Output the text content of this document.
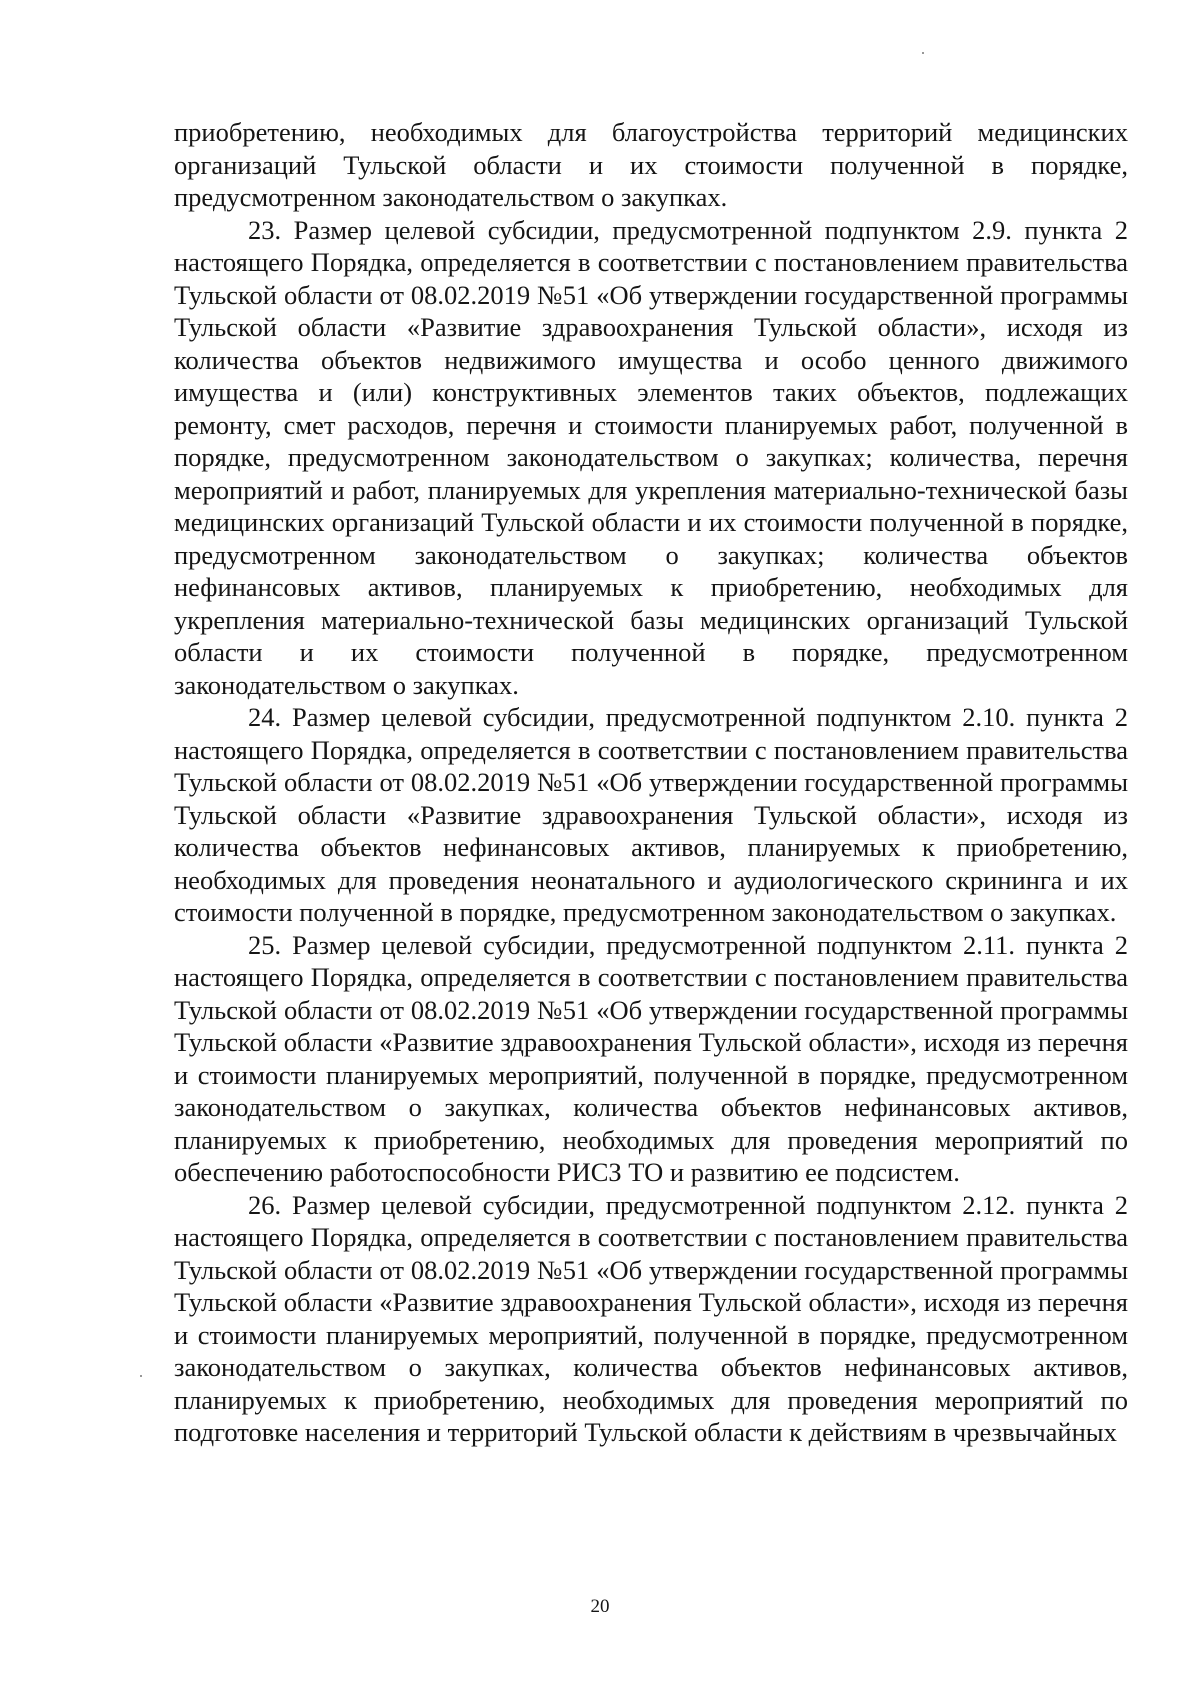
приобретению, необходимых для благоустройства территорий медицинских организаций Тульской области и их стоимости полученной в порядке, предусмотренном законодательством о закупках.

23. Размер целевой субсидии, предусмотренной подпунктом 2.9. пункта 2 настоящего Порядка, определяется в соответствии с постановлением правительства Тульской области от 08.02.2019 №51 «Об утверждении государственной программы Тульской области «Развитие здравоохранения Тульской области», исходя из количества объектов недвижимого имущества и особо ценного движимого имущества и (или) конструктивных элементов таких объектов, подлежащих ремонту, смет расходов, перечня и стоимости планируемых работ, полученной в порядке, предусмотренном законодательством о закупках; количества, перечня мероприятий и работ, планируемых для укрепления материально-технической базы медицинских организаций Тульской области и их стоимости полученной в порядке, предусмотренном законодательством о закупках; количества объектов нефинансовых активов, планируемых к приобретению, необходимых для укрепления материально-технической базы медицинских организаций Тульской области и их стоимости полученной в порядке, предусмотренном законодательством о закупках.

24. Размер целевой субсидии, предусмотренной подпунктом 2.10. пункта 2 настоящего Порядка, определяется в соответствии с постановлением правительства Тульской области от 08.02.2019 №51 «Об утверждении государственной программы Тульской области «Развитие здравоохранения Тульской области», исходя из количества объектов нефинансовых активов, планируемых к приобретению, необходимых для проведения неонатального и аудиологического скрининга и их стоимости полученной в порядке, предусмотренном законодательством о закупках.

25. Размер целевой субсидии, предусмотренной подпунктом 2.11. пункта 2 настоящего Порядка, определяется в соответствии с постановлением правительства Тульской области от 08.02.2019 №51 «Об утверждении государственной программы Тульской области «Развитие здравоохранения Тульской области», исходя из перечня и стоимости планируемых мероприятий, полученной в порядке, предусмотренном законодательством о закупках, количества объектов нефинансовых активов, планируемых к приобретению, необходимых для проведения мероприятий по обеспечению работоспособности РИСЗ ТО и развитию ее подсистем.

26. Размер целевой субсидии, предусмотренной подпунктом 2.12. пункта 2 настоящего Порядка, определяется в соответствии с постановлением правительства Тульской области от 08.02.2019 №51 «Об утверждении государственной программы Тульской области «Развитие здравоохранения Тульской области», исходя из перечня и стоимости планируемых мероприятий, полученной в порядке, предусмотренном законодательством о закупках, количества объектов нефинансовых активов, планируемых к приобретению, необходимых для проведения мероприятий по подготовке населения и территорий Тульской области к действиям в чрезвычайных

20
